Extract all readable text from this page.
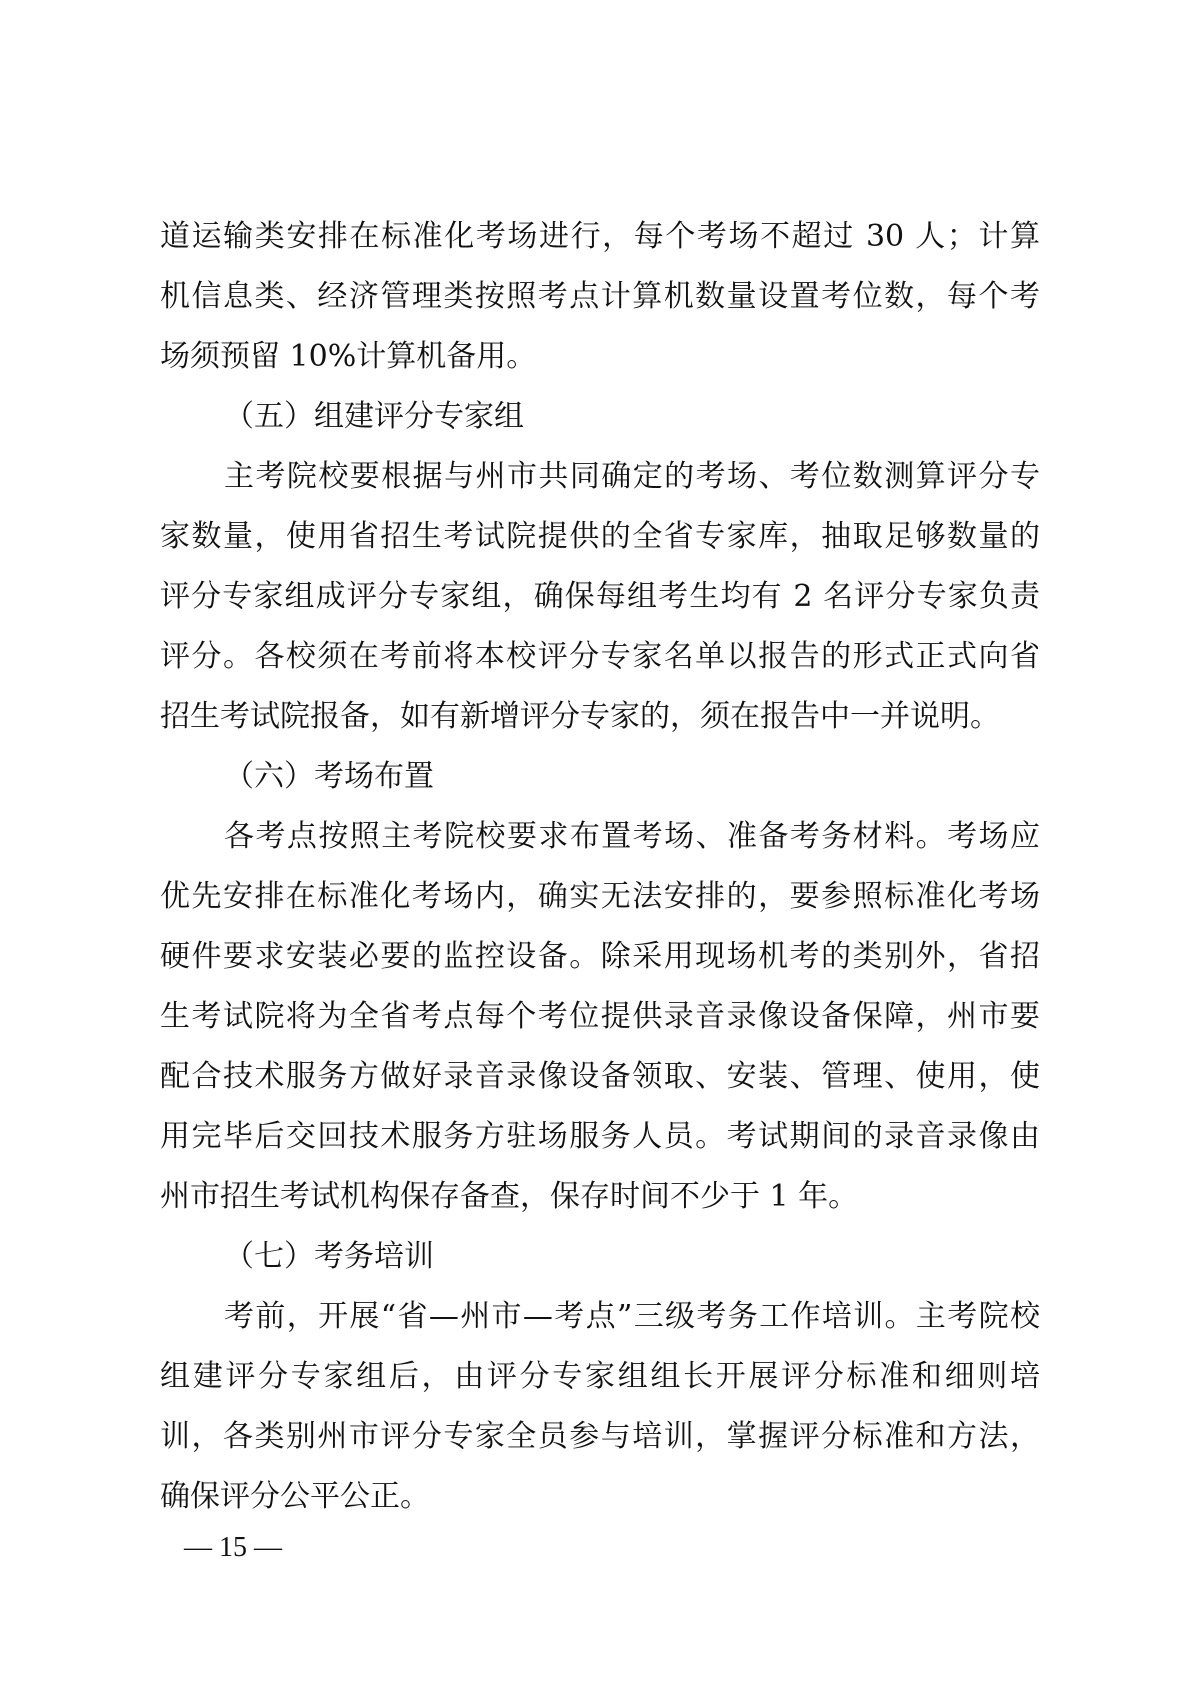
道运输类安排在标准化考场进行，每个考场不超过 30 人；计算
机信息类、经济管理类按照考点计算机数量设置考位数，每个考
场须预留 10%计算机备用。
（五）组建评分专家组
主考院校要根据与州市共同确定的考场、考位数测算评分专
家数量，使用省招生考试院提供的全省专家库，抽取足够数量的
评分专家组成评分专家组，确保每组考生均有 2 名评分专家负责
评分。各校须在考前将本校评分专家名单以报告的形式正式向省
招生考试院报备，如有新增评分专家的，须在报告中一并说明。
（六）考场布置
各考点按照主考院校要求布置考场、准备考务材料。考场应
优先安排在标准化考场内，确实无法安排的，要参照标准化考场
硬件要求安装必要的监控设备。除采用现场机考的类别外，省招
生考试院将为全省考点每个考位提供录音录像设备保障，州市要
配合技术服务方做好录音录像设备领取、安装、管理、使用，使
用完毕后交回技术服务方驻场服务人员。考试期间的录音录像由
州市招生考试机构保存备查，保存时间不少于 1 年。
（七）考务培训
考前，开展“省—州市—考点”三级考务工作培训。主考院校
组建评分专家组后，由评分专家组组长开展评分标准和细则培
训，各类别州市评分专家全员参与培训，掌握评分标准和方法，
确保评分公平公正。
— 15 —
